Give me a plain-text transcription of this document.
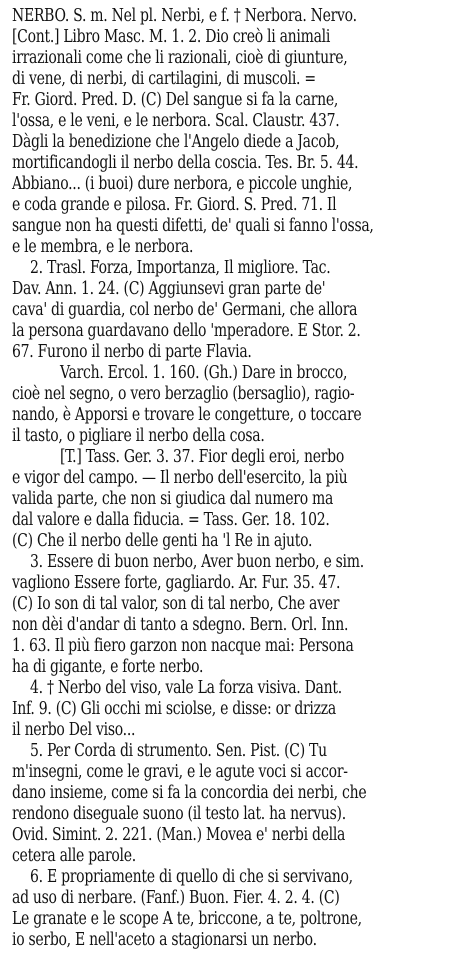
NERBO. S. m. Nel pl. Nerbi, e f. † Nerbora. Nervo.
[Cont.] Libro Masc. M. 1. 2. Dio creò li animali
irrazionali come che li razionali, cioè di giunture,
di vene, di nerbi, di cartilagini, di muscoli. =
Fr. Giord. Pred. D. (C) Del sangue si fa la carne,
l'ossa, e le veni, e le nerbora. Scal. Claustr. 437.
Dàgli la benedizione che l'Angelo diede a Jacob,
mortificandogli il nerbo della coscia. Tes. Br. 5. 44.
Abbiano... (i buoi) dure nerbora, e piccole unghie,
e coda grande e pilosa. Fr. Giord. S. Pred. 71. Il
sangue non ha questi difetti, de' quali si fanno l'ossa,
e le membra, e le nerbora.
2. Trasl. Forza, Importanza, Il migliore. Tac.
Dav. Ann. 1. 24. (C) Aggiunsevi gran parte de'
cava' di guardia, col nerbo de' Germani, che allora
la persona guardavano dello 'mperadore. E Stor. 2.
67. Furono il nerbo di parte Flavia.
Varch. Ercol. 1. 160. (Gh.) Dare in brocco,
cioè nel segno, o vero berzaglio (bersaglio), ragio-
nando, è Apporsi e trovare le congetture, o toccare
il tasto, o pigliare il nerbo della cosa.
[T.] Tass. Ger. 3. 37. Fior degli eroi, nerbo
e vigor del campo. — Il nerbo dell'esercito, la più
valida parte, che non si giudica dal numero ma
dal valore e dalla fiducia. = Tass. Ger. 18. 102.
(C) Che il nerbo delle genti ha 'l Re in ajuto.
3. Essere di buon nerbo, Aver buon nerbo, e sim.
vagliono Essere forte, gagliardo. Ar. Fur. 35. 47.
(C) Io son di tal valor, son di tal nerbo, Che aver
non dèi d'andar di tanto a sdegno. Bern. Orl. Inn.
1. 63. Il più fiero garzon non nacque mai: Persona
ha di gigante, e forte nerbo.
4. † Nerbo del viso, vale La forza visiva. Dant.
Inf. 9. (C) Gli occhi mi sciolse, e disse: or drizza
il nerbo Del viso...
5. Per Corda di strumento. Sen. Pist. (C) Tu
m'insegni, come le gravi, e le agute voci si accor-
dano insieme, come si fa la concordia dei nerbi, che
rendono diseguale suono (il testo lat. ha nervus).
Ovid. Simint. 2. 221. (Man.) Movea e' nerbi della
cetera alle parole.
6. E propriamente di quello di che si servivano,
ad uso di nerbare. (Fanf.) Buon. Fier. 4. 2. 4. (C)
Le granate e le scope A te, briccone, a te, poltrone,
io serbo, E nell'aceto a stagionarsi un nerbo.
